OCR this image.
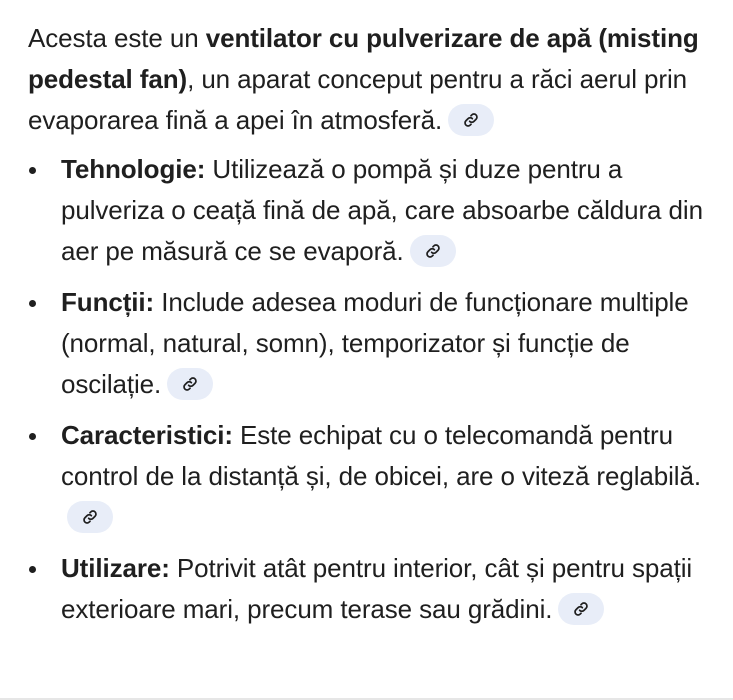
Acesta este un ventilator cu pulverizare de apă (misting pedestal fan), un aparat conceput pentru a răci aerul prin evaporarea fină a apei în atmosferă.

Tehnologie: Utilizează o pompă și duze pentru a pulveriza o ceață fină de apă, care absoarbe căldura din aer pe măsură ce se evaporă.
Funcții: Include adesea moduri de funcționare multiple (normal, natural, somn), temporizator și funcție de oscilație.
Caracteristici: Este echipat cu o telecomandă pentru control de la distanță și, de obicei, are o viteză reglabilă.
Utilizare: Potrivit atât pentru interior, cât și pentru spații exterioare mari, precum terase sau grădini.
